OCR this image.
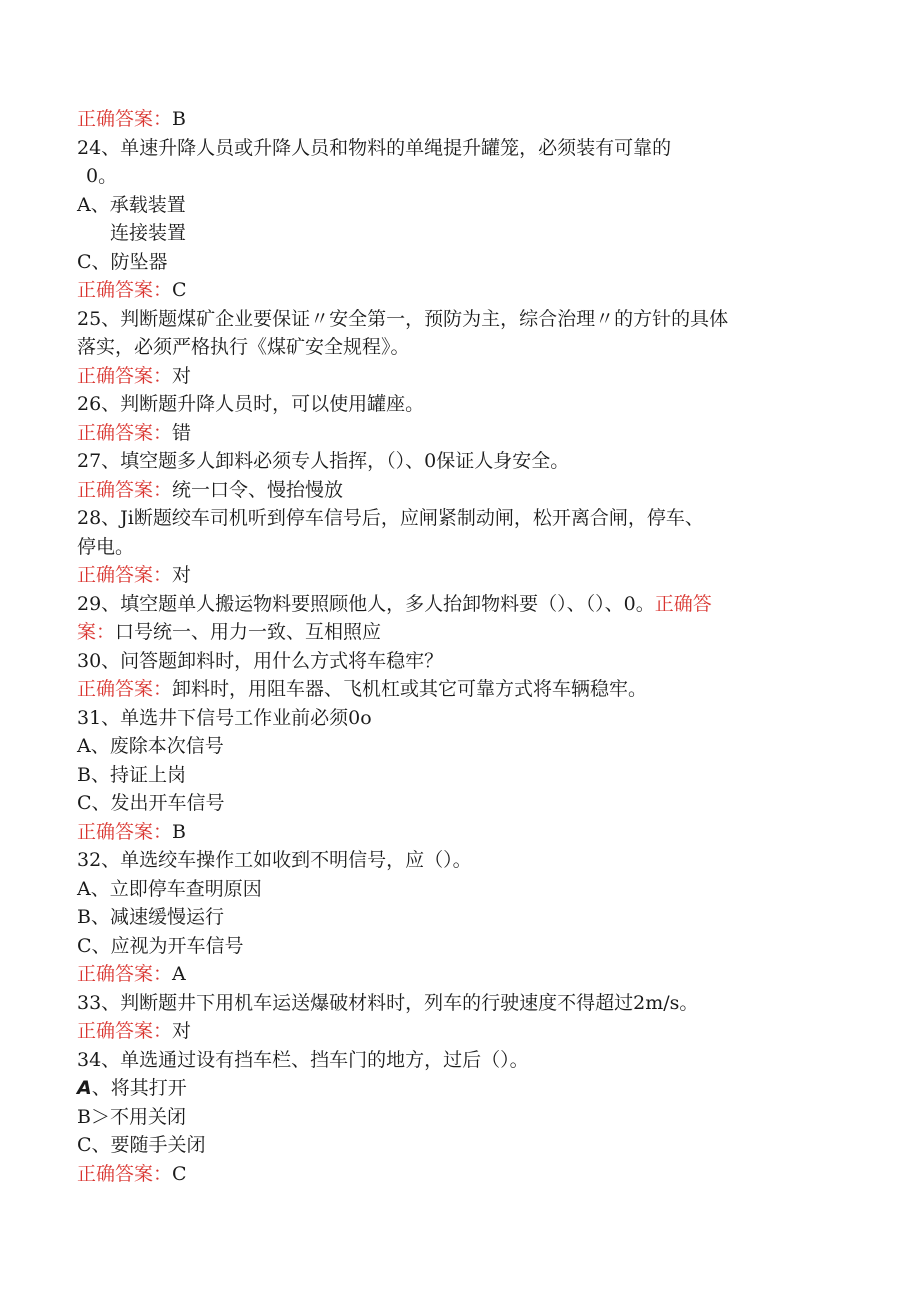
正确答案：B
24、单速升降人员或升降人员和物料的单绳提升罐笼，必须装有可靠的
0。
A、承载装置
连接装置
C、防坠器
正确答案：C
25、判断题煤矿企业要保证〃安全第一，预防为主，综合治理〃的方针的具体
落实，必须严格执行《煤矿安全规程》。
正确答案：对
26、判断题升降人员时，可以使用罐座。
正确答案：错
27、填空题多人卸料必须专人指挥，（）、0保证人身安全。
正确答案：统一口令、慢抬慢放
28、Ji断题绞车司机听到停车信号后，应闸紧制动闸，松开离合闸，停车、
停电。
正确答案：对
29、填空题单人搬运物料要照顾他人，多人抬卸物料要（）、（）、0。正确答
案：口号统一、用力一致、互相照应
30、问答题卸料时，用什么方式将车稳牢？
正确答案：卸料时，用阻车器、飞机杠或其它可靠方式将车辆稳牢。
31、单选井下信号工作业前必须0o
A、废除本次信号
B、持证上岗
C、发出开车信号
正确答案：B
32、单选绞车操作工如收到不明信号，应（）。
A、立即停车查明原因
B、减速缓慢运行
C、应视为开车信号
正确答案：A
33、判断题井下用机车运送爆破材料时，列车的行驶速度不得超过2m/s。
正确答案：对
34、单选通过设有挡车栏、挡车门的地方，过后（）。
A、将其打开
B＞不用关闭
C、要随手关闭
正确答案：C
